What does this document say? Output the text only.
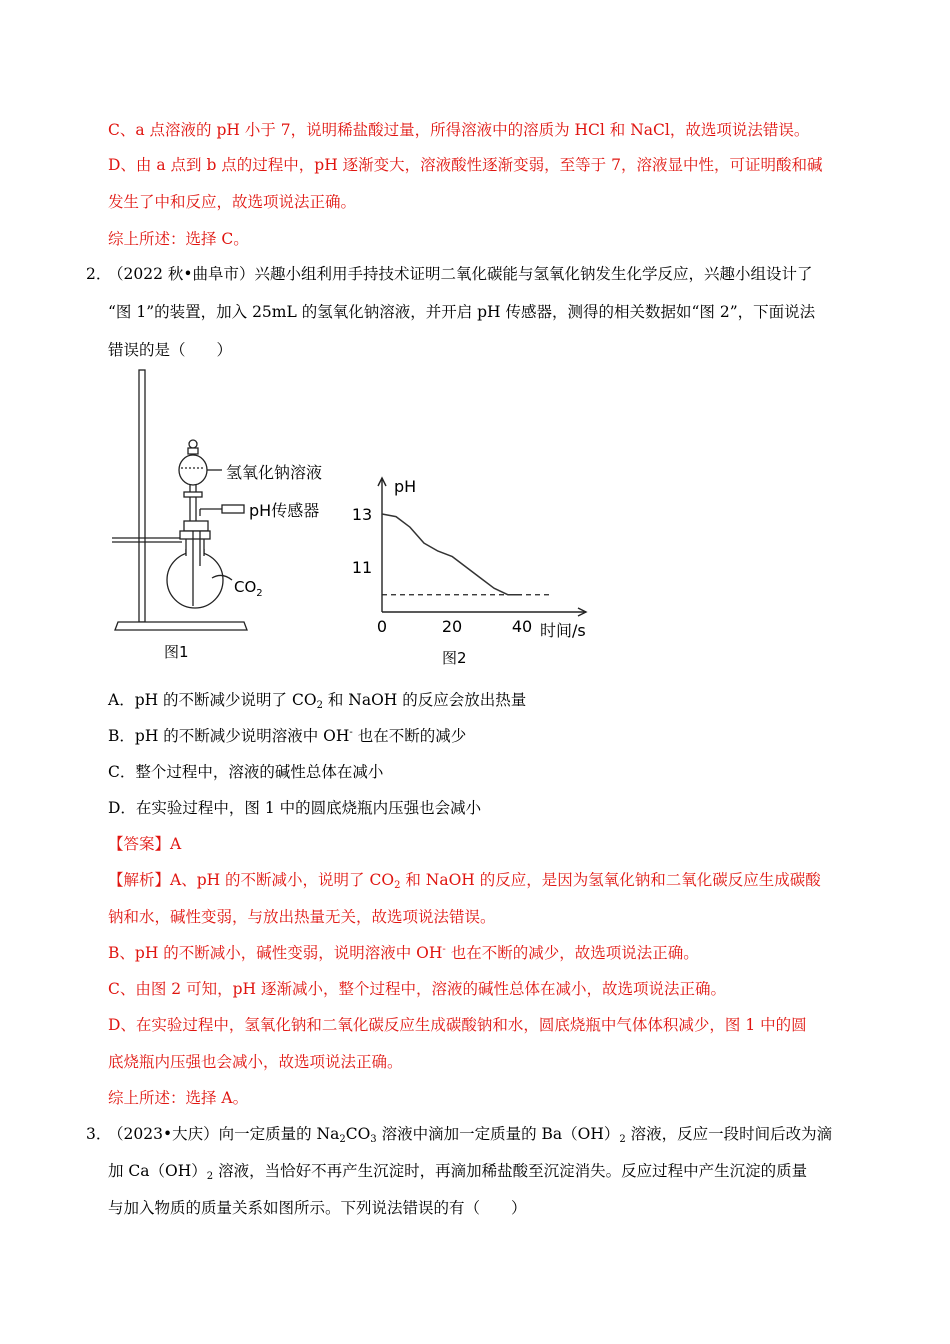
C、a 点溶液的 pH 小于 7，说明稀盐酸过量，所得溶液中的溶质为 HCl 和 NaCl，故选项说法错误。
D、由 a 点到 b 点的过程中，pH 逐渐变大，溶液酸性逐渐变弱，至等于 7，溶液显中性，可证明酸和碱
发生了中和反应，故选项说法正确。
综上所述：选择 C。
2．
（2022 秋•曲阜市）兴趣小组利用手持技术证明二氧化碳能与氢氧化钠发生化学反应，兴趣小组设计了
“图 1”的装置，加入 25mL 的氢氧化钠溶液，并开启 pH 传感器，测得的相关数据如“图 2”，下面说法
错误的是（　　）
氢氧化钠溶液
pH传感器
$CO_2$
图1
pH
时间/s
0	20	40
13
11
图2
A．pH 的不断减少说明了 $CO_2$ 和 NaOH 的反应会放出热量
B．pH 的不断减少说明溶液中 OH- 也在不断的减少
C．整个过程中，溶液的碱性总体在减小
D．在实验过程中，图 1 中的圆底烧瓶内压强也会减小
【答案】A
【解析】A、pH 的不断减小，说明了 $CO_2$ 和 NaOH 的反应，是因为氢氧化钠和二氧化碳反应生成碳酸
钠和水，碱性变弱，与放出热量无关，故选项说法错误。
B、pH 的不断减小，碱性变弱，说明溶液中 OH- 也在不断的减少，故选项说法正确。
C、由图 2 可知，pH 逐渐减小，整个过程中，溶液的碱性总体在减小，故选项说法正确。
D、在实验过程中，氢氧化钠和二氧化碳反应生成碳酸钠和水，圆底烧瓶中气体体积减少，图 1 中的圆
底烧瓶内压强也会减小，故选项说法正确。
综上所述：选择 A。
3．
（2023•大庆）向一定质量的 $Na_2CO_3$ 溶液中滴加一定质量的 $Ba(OH)_2$ 溶液，反应一段时间后改为滴
加 $Ca(OH)_2$ 溶液，当恰好不再产生沉淀时，再滴加稀盐酸至沉淀消失。反应过程中产生沉淀的质量
与加入物质的质量关系如图所示。下列说法错误的有（　　）
